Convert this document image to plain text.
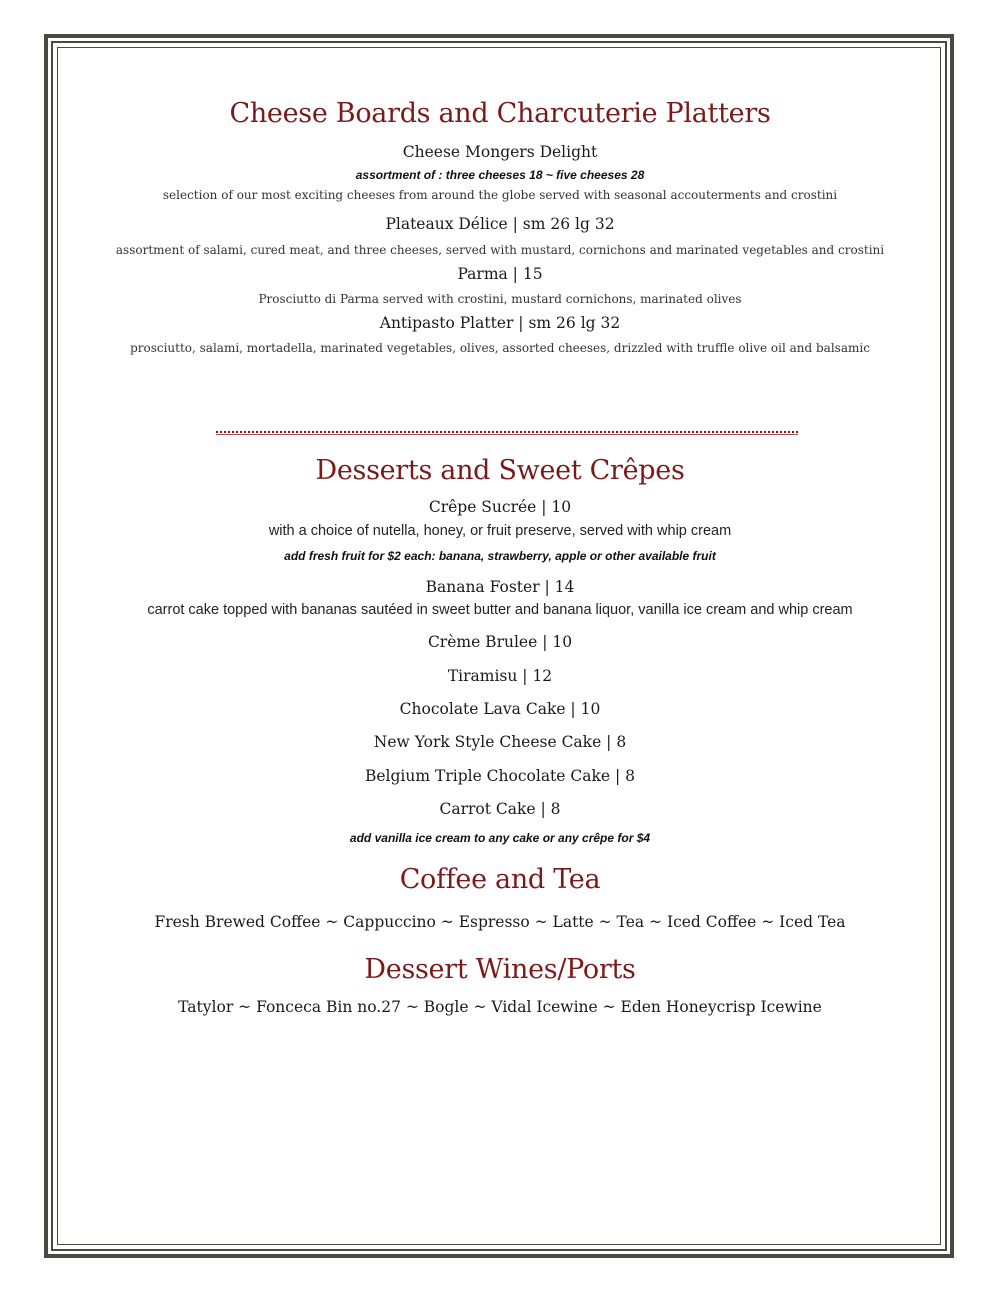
Cheese Boards and Charcuterie Platters
Cheese Mongers Delight
assortment of : three cheeses 18 ~ five cheeses 28
selection of our most exciting cheeses from around the globe served with seasonal accouterments and crostini
Plateaux Délice | sm 26 lg 32
assortment of salami, cured meat, and three cheeses, served with mustard, cornichons and marinated vegetables and crostini
Parma | 15
Prosciutto di Parma served with crostini, mustard cornichons, marinated olives
Antipasto Platter | sm 26 lg 32
prosciutto, salami, mortadella, marinated vegetables, olives, assorted cheeses, drizzled with truffle olive oil and balsamic
Desserts and Sweet Crêpes
Crêpe Sucrée | 10
with a choice of nutella, honey, or fruit preserve, served with whip cream
add fresh fruit for $2 each: banana, strawberry, apple or other available fruit
Banana Foster | 14
carrot cake topped with bananas sautéed in sweet butter and banana liquor, vanilla ice cream and whip cream
Crème Brulee | 10
Tiramisu | 12
Chocolate Lava Cake | 10
New York Style Cheese Cake | 8
Belgium Triple Chocolate Cake | 8
Carrot Cake | 8
add vanilla ice cream to any cake or any crêpe for $4
Coffee and Tea
Fresh Brewed Coffee ~ Cappuccino ~ Espresso ~ Latte ~ Tea ~ Iced Coffee ~ Iced Tea
Dessert Wines/Ports
Tatylor ~ Fonceca Bin no.27 ~ Bogle ~ Vidal Icewine ~ Eden Honeycrisp Icewine
